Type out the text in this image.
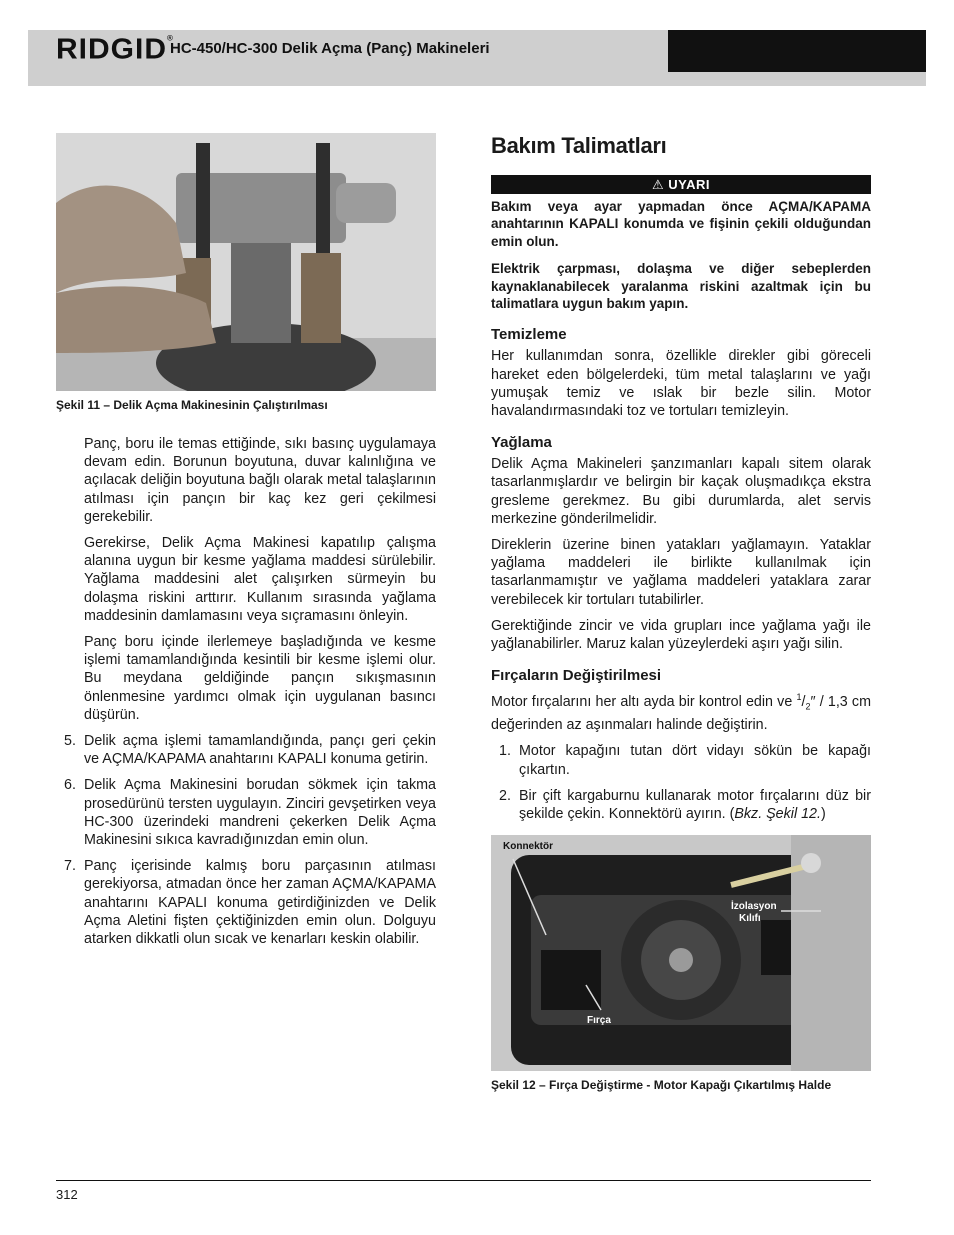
RIDGID®
HC-450/HC-300 Delik Açma (Panç) Makineleri
Şekil 11 – Delik Açma Makinesinin Çalıştırılması

Panç, boru ile temas ettiğinde, sıkı basınç uygulamaya devam edin. Borunun boyutuna, duvar kalınlığına ve açılacak deliğin boyutuna bağlı olarak metal talaşlarının atılması için pançın bir kaç kez geri çekilmesi gerekebilir.

Gerekirse, Delik Açma Makinesi kapatılıp çalışma alanına uygun bir kesme yağlama maddesi sürülebilir. Yağlama maddesini alet çalışırken sürmeyin bu dolaşma riskini arttırır. Kullanım sırasında yağlama maddesinin damlamasını veya sıçramasını önleyin.

Panç boru içinde ilerlemeye başladığında ve kesme işlemi tamamlandığında kesintili bir kesme işlemi olur. Bu meydana geldiğinde pançın sıkışmasının önlenmesine yardımcı olmak için uygulanan basıncı düşürün.

5. Delik açma işlemi tamamlandığında, pançı geri çekin ve AÇMA/KAPAMA anahtarını KAPALI konuma getirin.
6. Delik Açma Makinesini borudan sökmek için takma prosedürünü tersten uygulayın. Zinciri gevşetirken veya HC-300 üzerindeki mandreni çekerken Delik Açma Makinesini sıkıca kavradığınızdan emin olun.
7. Panç içerisinde kalmış boru parçasının atılması gerekiyorsa, atmadan önce her zaman AÇMA/KAPAMA anahtarını KAPALI konuma getirdiğinizden ve Delik Açma Aletini fişten çektiğinizden emin olun. Dolguyu atarken dikkatli olun sıcak ve kenarları keskin olabilir.
Bakım Talimatları
⚠ UYARI

Bakım veya ayar yapmadan önce AÇMA/KAPAMA anahtarının KAPALI konumda ve fişinin çekili olduğundan emin olun.

Elektrik çarpması, dolaşma ve diğer sebeplerden kaynaklanabilecek yaralanma riskini azaltmak için bu talimatlara uygun bakım yapın.

Temizleme

Her kullanımdan sonra, özellikle direkler gibi göreceli hareket eden bölgelerdeki, tüm metal talaşlarını ve yağı yumuşak temiz ve ıslak bir bezle silin. Motor havalandırmasındaki toz ve tortuları temizleyin.

Yağlama

Delik Açma Makineleri şanzımanları kapalı sitem olarak tasarlanmışlardır ve belirgin bir kaçak oluşmadıkça ekstra gresleme gerekmez. Bu gibi durumlarda, alet servis merkezine gönderilmelidir.

Direklerin üzerine binen yatakları yağlamayın. Yataklar yağlama maddeleri ile birlikte kullanılmak için tasarlanmamıştır ve yağlama maddeleri yataklara zarar verebilecek kir tortuları tutabilirler.

Gerektiğinde zincir ve vida grupları ince yağlama yağı ile yağlanabilirler. Maruz kalan yüzeylerdeki aşırı yağı silin.

Fırçaların Değiştirilmesi

Motor fırçalarını her altı ayda bir kontrol edin ve $^1/_2'' / 1,3$ cm değerinden az aşınmaları halinde değiştirin.

1. Motor kapağını tutan dört vidayı sökün be kapağı çıkartın.
2. Bir çift kargaburnu kullanarak motor fırçalarını düz bir şekilde çekin. Konnektörü ayırın. (Bkz. Şekil 12.)
Konnektör
İzolasyon
Kılıfı
Fırça
Şekil 12 – Fırça Değiştirme - Motor Kapağı Çıkartılmış Halde
312
